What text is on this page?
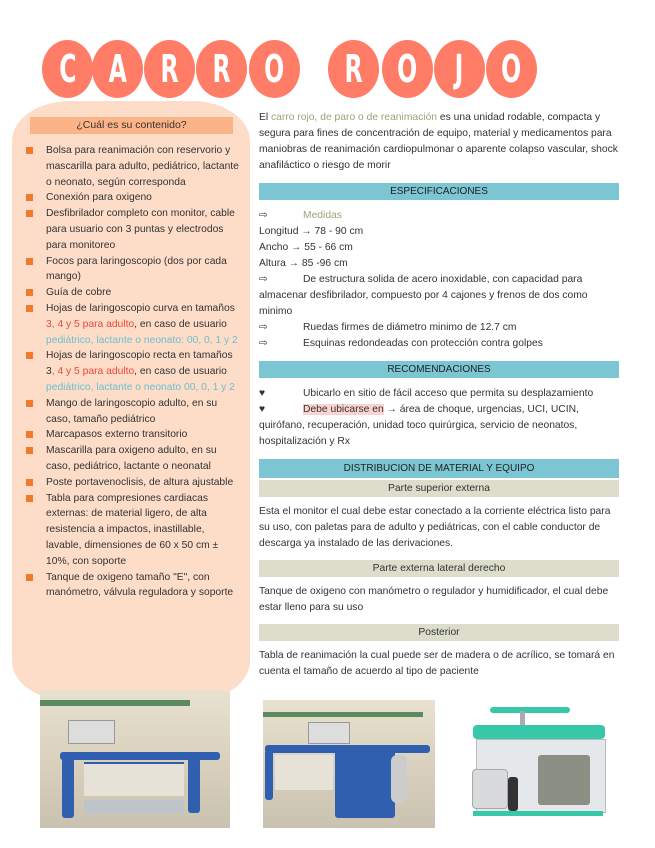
C A R R O R O J O
¿Cuál es su contenido?
Bolsa para reanimación con reservorio y mascarilla para adulto, pediátrico, lactante o neonato, según corresponda
Conexión para oxigeno
Desfibrilador completo con monitor, cable para usuario con 3 puntas y electrodos para monitoreo
Focos para laringoscopio (dos por cada mango)
Guía de cobre
Hojas de laringoscopio curva en tamaños 3, 4 y 5 para adulto, en caso de usuario pediátrico, lactante o neonato: 00, 0, 1 y 2
Hojas de laringoscopio recta en tamaños 3, 4 y 5 para adulto, en caso de usuario pediátrico, lactante o neonato 00, 0, 1 y 2
Mango de laringoscopio adulto, en su caso, tamaño pediátrico
Marcapasos externo transitorio
Mascarilla para oxigeno adulto, en su caso, pediátrico, lactante o neonatal
Poste portavenoclisis, de altura ajustable
Tabla para compresiones cardiacas externas: de material ligero, de alta resistencia a impactos, inastillable, lavable, dimensiones de 60 x 50 cm ± 10%, con soporte
Tanque de oxigeno tamaño "E", con manómetro, válvula reguladora y soporte

El carro rojo, de paro o de reanimación es una unidad rodable, compacta y segura para fines de concentración de equipo, material y medicamentos para maniobras de reanimación cardiopulmonar o aparente colapso vascular, shock anafiláctico o riesgo de morir

ESPECIFICACIONES
⇨	Medidas

Longitud → 78 - 90 cm

Ancho → 55 - 66 cm

Altura → 85 -96 cm

⇨	De estructura solida de acero inoxidable, con capacidad para

almacenar desfibrilador, compuesto por 4 cajones y frenos de dos como minimo

⇨	Ruedas firmes de diámetro minimo de 12.7 cm
⇨	Esquinas redondeadas con protección contra golpes
RECOMENDACIONES
♥	Ubicarlo en sitio de fácil acceso que permita su desplazamiento
♥	Debe ubicarse en → área de choque, urgencias, UCI, UCIN,

quirófano, recuperación, unidad toco quirúrgica, servicio de neonatos, hospitalización y Rx

DISTRIBUCION DE MATERIAL Y EQUIPO
Parte superior externa

Esta el monitor el cual debe estar conectado a la corriente eléctrica listo para su uso, con paletas para de adulto y pediátricas, con el cable conductor de descarga ya instalado de las derivaciones.

Parte externa lateral derecho

Tanque de oxigeno con manómetro o regulador y humidificador, el cual debe estar lleno para su uso

Posterior

Tabla de reanimación la cual puede ser de madera o de acrílico, se tomará en cuenta el tamaño de acuerdo al tipo de paciente
